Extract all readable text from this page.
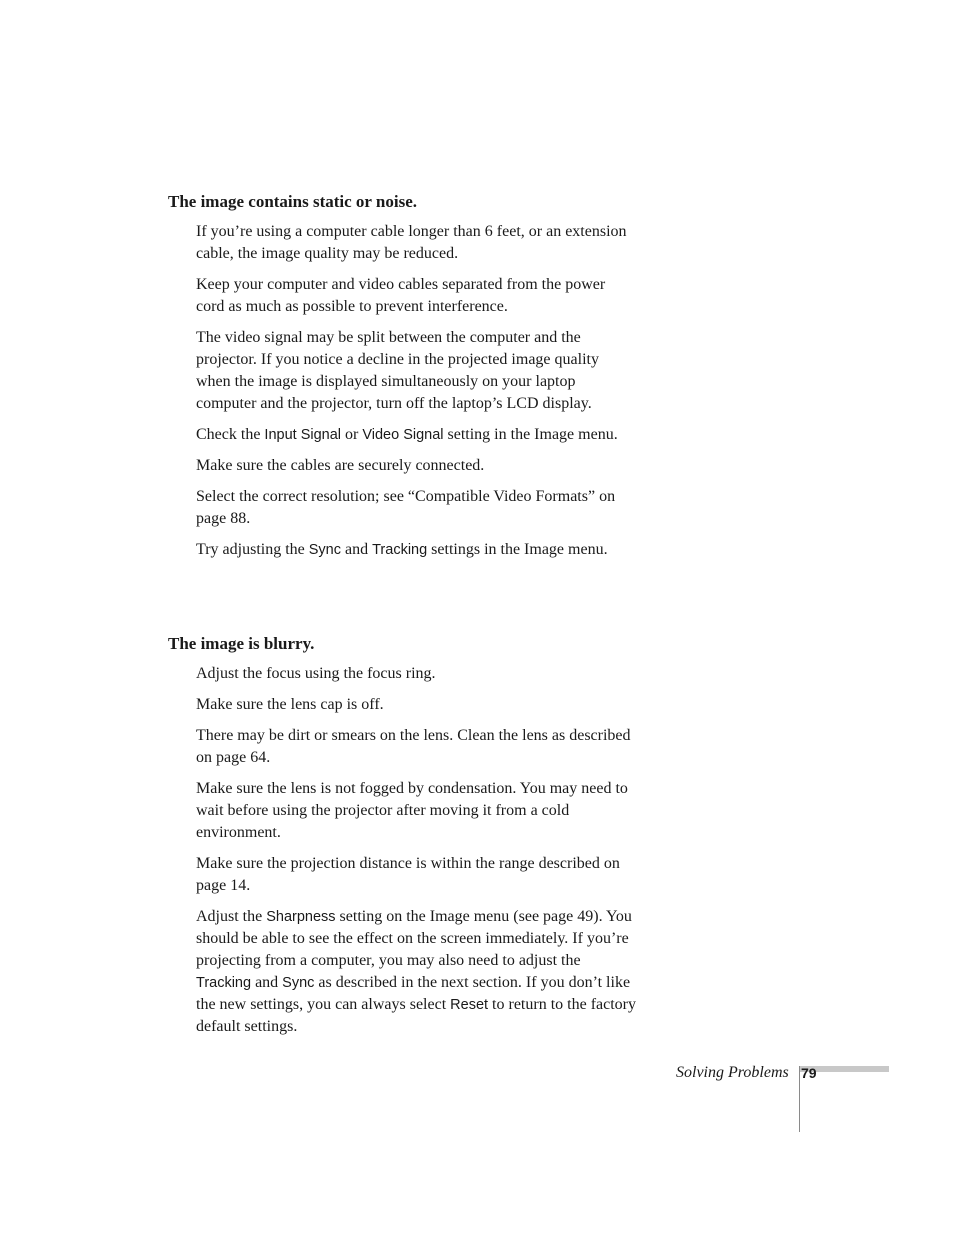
The image contains static or noise.

If you’re using a computer cable longer than 6 feet, or an extension cable, the image quality may be reduced.

Keep your computer and video cables separated from the power cord as much as possible to prevent interference.

The video signal may be split between the computer and the projector. If you notice a decline in the projected image quality when the image is displayed simultaneously on your laptop computer and the projector, turn off the laptop’s LCD display.

Check the Input Signal or Video Signal setting in the Image menu.

Make sure the cables are securely connected.

Select the correct resolution; see “Compatible Video Formats” on page 88.

Try adjusting the Sync and Tracking settings in the Image menu.

The image is blurry.

Adjust the focus using the focus ring.

Make sure the lens cap is off.

There may be dirt or smears on the lens. Clean the lens as described on page 64.

Make sure the lens is not fogged by condensation. You may need to wait before using the projector after moving it from a cold environment.

Make sure the projection distance is within the range described on page 14.

Adjust the Sharpness setting on the Image menu (see page 49). You should be able to see the effect on the screen immediately. If you’re projecting from a computer, you may also need to adjust the Tracking and Sync as described in the next section. If you don’t like the new settings, you can always select Reset to return to the factory default settings.

Solving Problems 79
